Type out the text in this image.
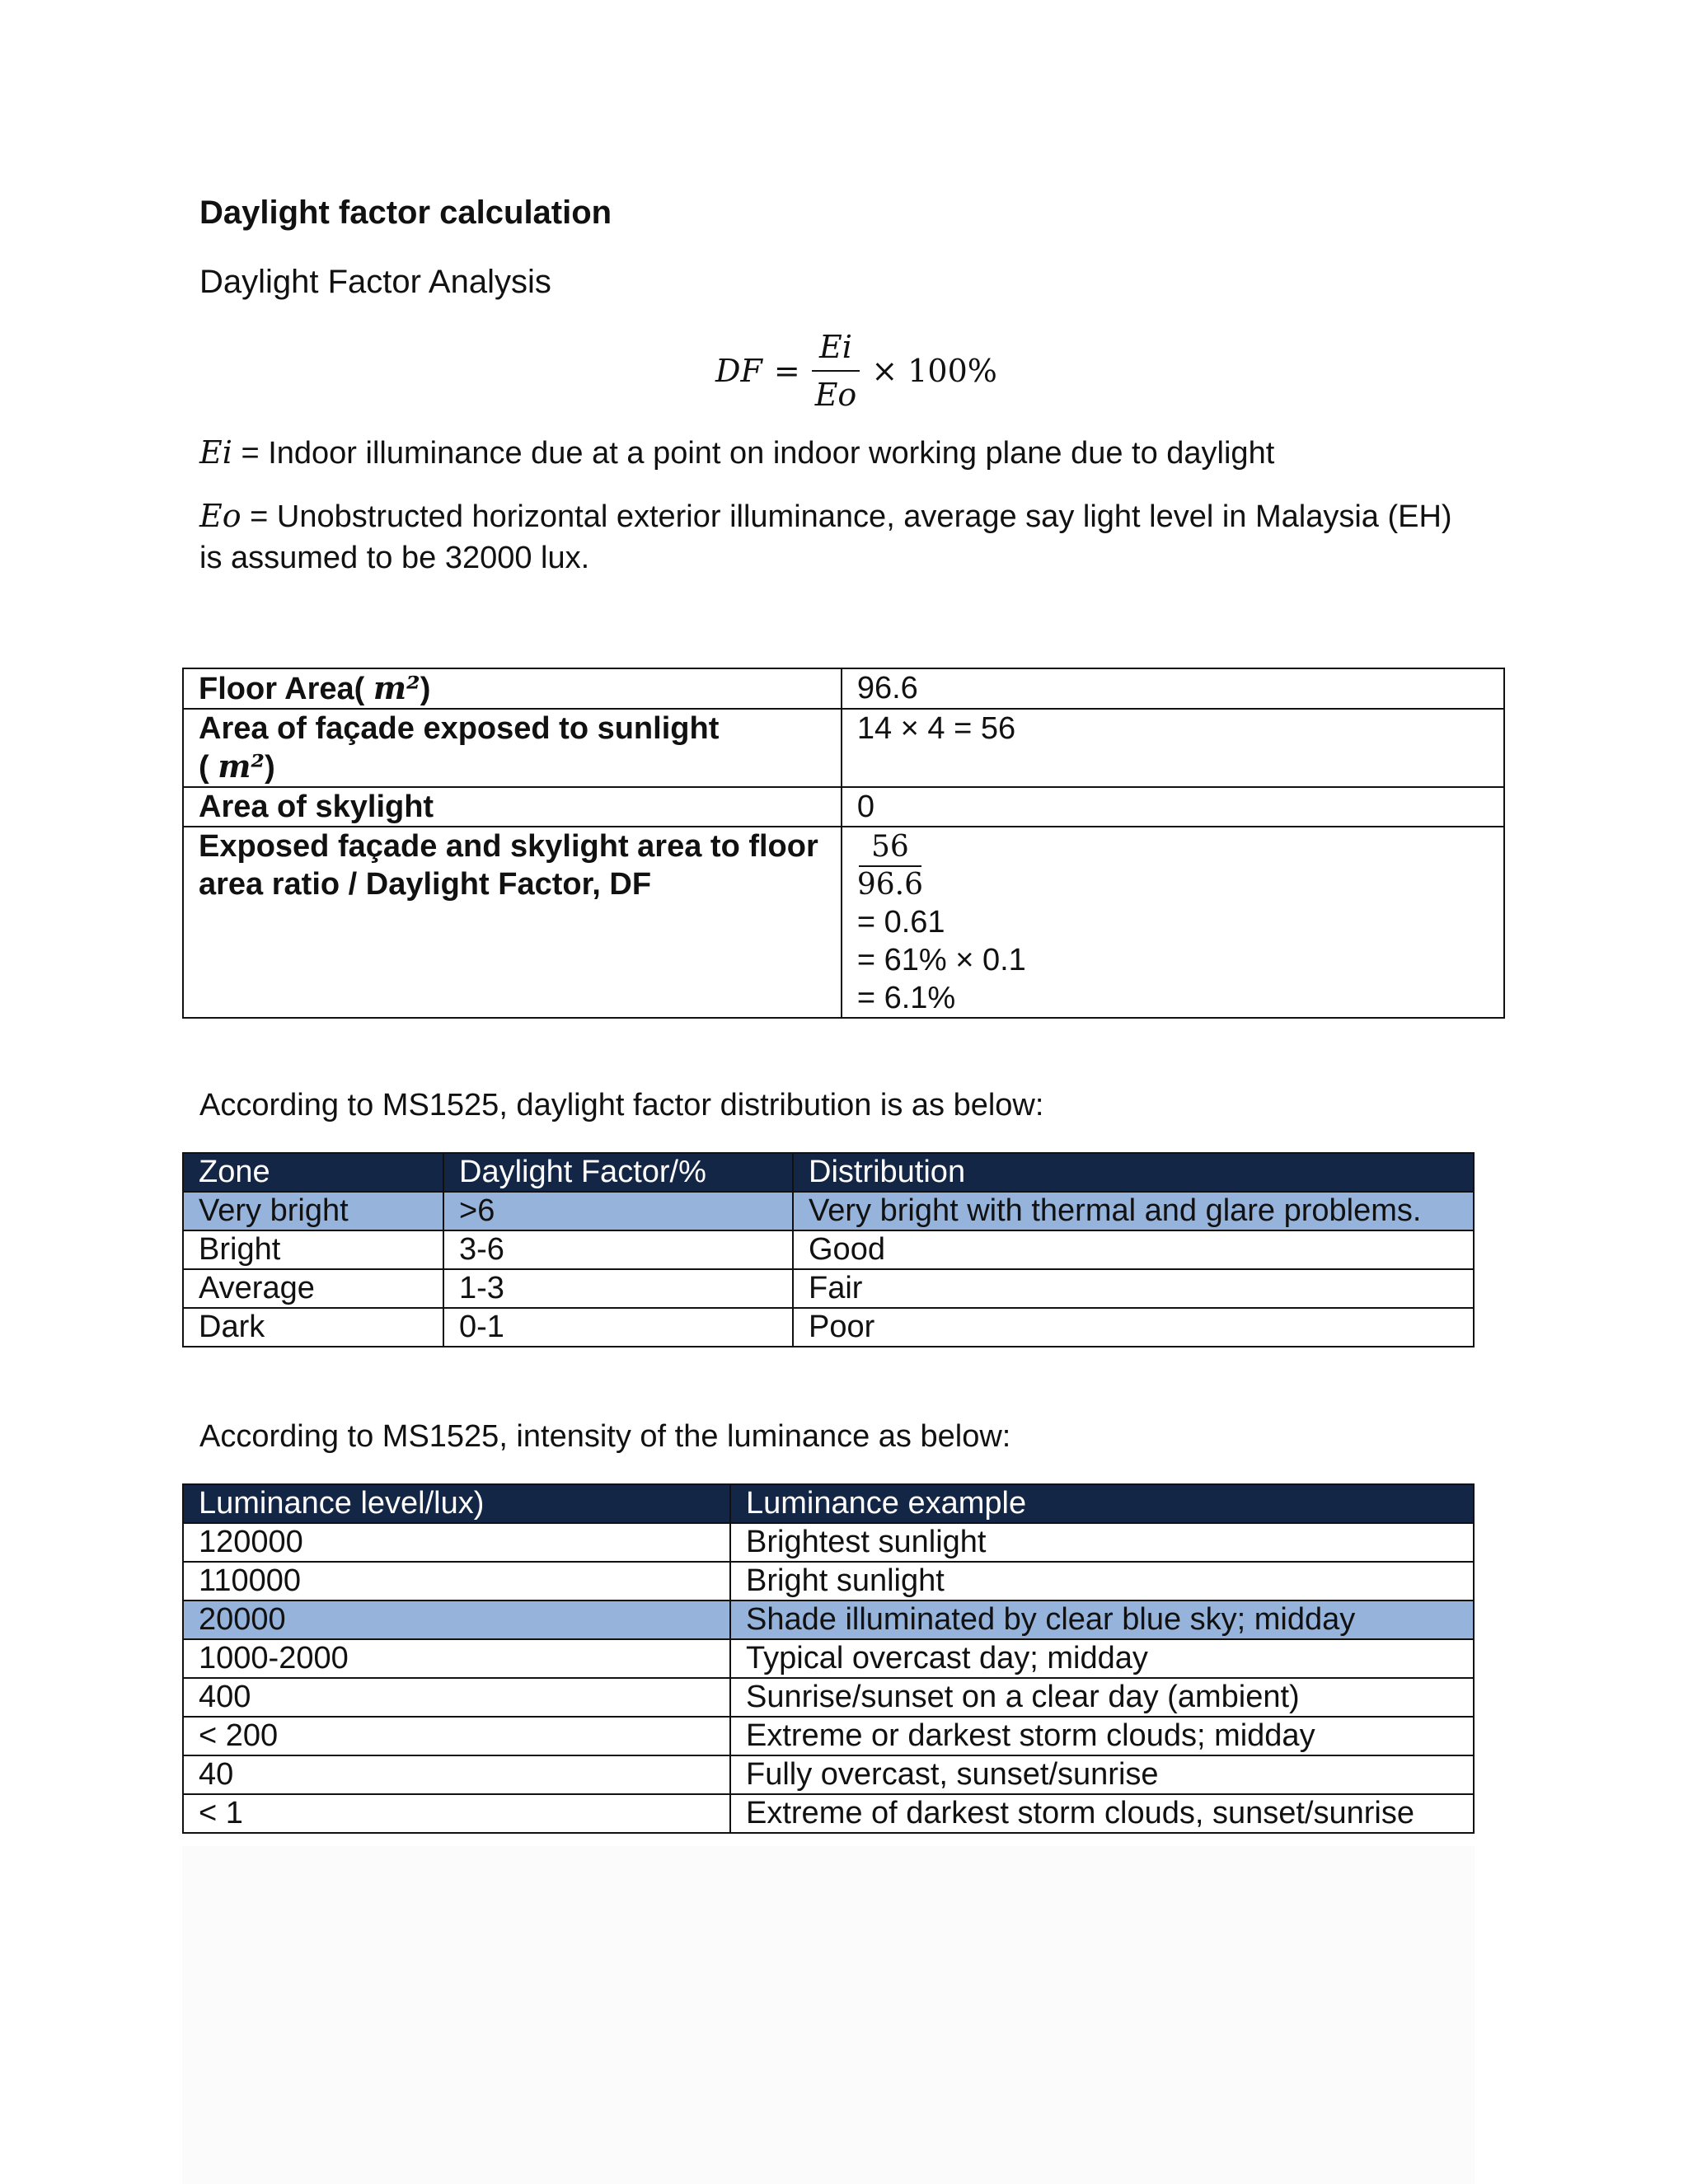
Daylight factor calculation
Daylight Factor Analysis
DF = $\frac{Ei}{Eo} \times 100\%$
Ei = Indoor illuminance due at a point on indoor working plane due to daylight
Eo = Unobstructed horizontal exterior illuminance, average say light level in Malaysia (EH) is assumed to be 32000 lux.
Floor Area( m²)	96.6
Area of façade exposed to sunlight
( m²)	14 × 4 = 56
Area of skylight	0
Exposed façade and skylight area to floor area ratio / Daylight Factor, DF	$\frac{56}{96.6}$

= 0.61
= 61% × 0.1
= 6.1%
According to MS1525, daylight factor distribution is as below:
Zone	Daylight Factor/%	Distribution
Very bright	>6	Very bright with thermal and glare problems.
Bright	3-6	Good
Average	1-3	Fair
Dark	0-1	Poor
According to MS1525, intensity of the luminance as below:
Luminance level/lux)	Luminance example
120000	Brightest sunlight
110000	Bright sunlight
20000	Shade illuminated by clear blue sky; midday
1000-2000	Typical overcast day; midday
400	Sunrise/sunset on a clear day (ambient)
< 200	Extreme or darkest storm clouds; midday
40	Fully overcast, sunset/sunrise
< 1	Extreme of darkest storm clouds, sunset/sunrise
